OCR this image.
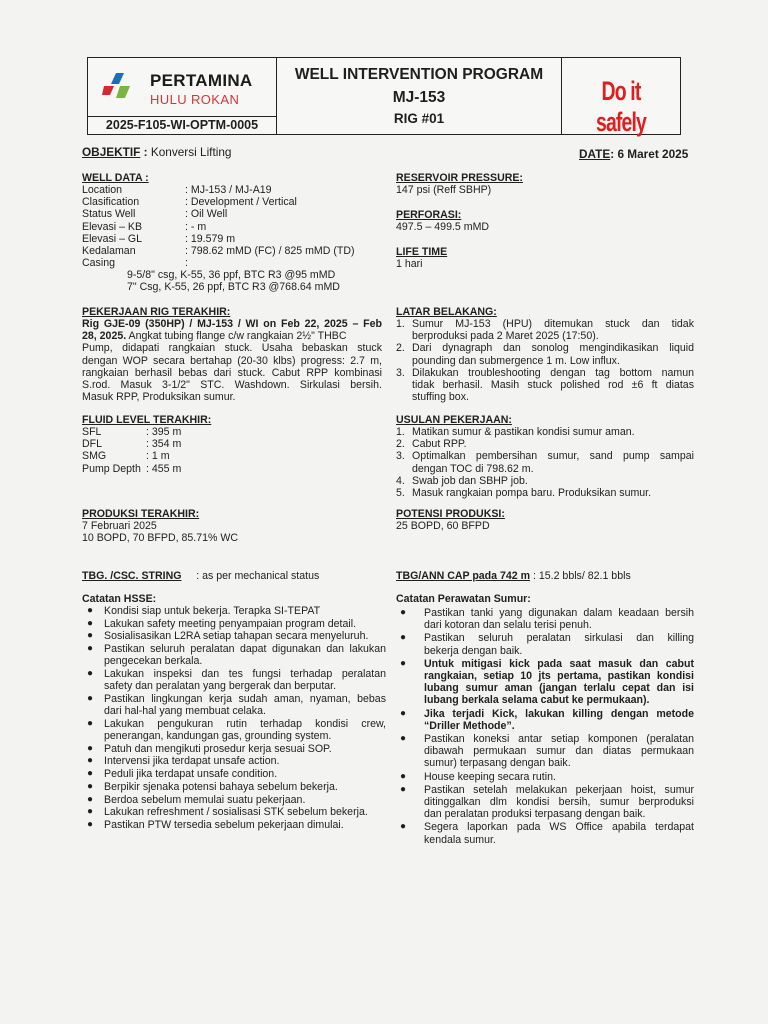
PERTAMINA
HULU ROKAN
2025-F105-WI-OPTM-0005
WELL INTERVENTION PROGRAM
MJ-153
RIG #01
Do it safely
OBJEKTIF : Konversi Lifting	DATE: 6 Maret 2025
WELL DATA :
Location	: MJ-153 / MJ-A19
Clasification	: Development / Vertical
Status Well	: Oil Well
Elevasi – KB	: - m
Elevasi – GL	: 19.579 m
Kedalaman	: 798.62 mMD (FC) / 825 mMD (TD)
Casing	:
9-5/8" csg, K-55, 36 ppf, BTC R3 @95 mMD
7" Csg, K-55, 26 ppf, BTC R3 @768.64 mMD
RESERVOIR PRESSURE:
147 psi (Reff SBHP)
PERFORASI:
497.5 – 499.5 mMD
LIFE TIME
1 hari
PEKERJAAN RIG TERAKHIR:
Rig GJE-09 (350HP) / MJ-153 / WI on Feb 22, 2025 – Feb
28, 2025. Angkat tubing flange c/w rangkaian 2½" THBC
Pump, didapati rangkaian stuck. Usaha bebaskan stuck
dengan WOP secara bertahap (20-30 klbs) progress: 2.7 m,
rangkaian berhasil bebas dari stuck. Cabut RPP kombinasi
S.rod. Masuk 3-1/2" STC. Washdown. Sirkulasi bersih.
Masuk RPP, Produksikan sumur.
LATAR BELAKANG:
1. Sumur MJ-153 (HPU) ditemukan stuck dan tidak
berproduksi pada 2 Maret 2025 (17:50).
2. Dari dynagraph dan sonolog mengindikasikan liquid
pounding dan submergence 1 m. Low influx.
3. Dilakukan troubleshooting dengan tag bottom namun
tidak berhasil. Masih stuck polished rod ±6 ft diatas
stuffing box.
FLUID LEVEL TERAKHIR:
SFL	: 395 m
DFL	: 354 m
SMG	: 1 m
Pump Depth : 455 m
USULAN PEKERJAAN:
1. Matikan sumur & pastikan kondisi sumur aman.
2. Cabut RPP.
3. Optimalkan pembersihan sumur, sand pump sampai
dengan TOC di 798.62 m.
4. Swab job dan SBHP job.
5. Masuk rangkaian pompa baru. Produksikan sumur.
PRODUKSI TERAKHIR:
7 Februari 2025
10 BOPD, 70 BFPD, 85.71% WC
POTENSI PRODUKSI:
25 BOPD, 60 BFPD
TBG. /CSC. STRING : as per mechanical status	TBG/ANN CAP pada 742 m : 15.2 bbls/ 82.1 bbls
Catatan HSSE:
● Kondisi siap untuk bekerja. Terapka SI-TEPAT
● Lakukan safety meeting penyampaian program detail.
● Sosialisasikan L2RA setiap tahapan secara menyeluruh.
● Pastikan seluruh peralatan dapat digunakan dan lakukan
pengecekan berkala.
● Lakukan inspeksi dan tes fungsi terhadap peralatan
safety dan peralatan yang bergerak dan berputar.
● Pastikan lingkungan kerja sudah aman, nyaman, bebas
dari hal-hal yang membuat celaka.
● Lakukan pengukuran rutin terhadap kondisi crew,
penerangan, kandungan gas, grounding system.
● Patuh dan mengikuti prosedur kerja sesuai SOP.
● Intervensi jika terdapat unsafe action.
● Peduli jika terdapat unsafe condition.
● Berpikir sjenaka potensi bahaya sebelum bekerja.
● Berdoa sebelum memulai suatu pekerjaan.
● Lakukan refreshment / sosialisasi STK sebelum bekerja.
● Pastikan PTW tersedia sebelum pekerjaan dimulai.
Catatan Perawatan Sumur:
● Pastikan tanki yang digunakan dalam keadaan bersih
dari kotoran dan selalu terisi penuh.
● Pastikan seluruh peralatan sirkulasi dan killing
bekerja dengan baik.
● Untuk mitigasi kick pada saat masuk dan cabut
rangkaian, setiap 10 jts pertama, pastikan kondisi
lubang sumur aman (jangan terlalu cepat dan isi
lubang berkala selama cabut ke permukaan).
● Jika terjadi Kick, lakukan killing dengan metode
“Driller Methode”.
● Pastikan koneksi antar setiap komponen (peralatan
dibawah permukaan sumur dan diatas permukaan
sumur) terpasang dengan baik.
● House keeping secara rutin.
● Pastikan setelah melakukan pekerjaan hoist, sumur
ditinggalkan dlm kondisi bersih, sumur berproduksi
dan peralatan produksi terpasang dengan baik.
● Segera laporkan pada WS Office apabila terdapat
kendala sumur.
